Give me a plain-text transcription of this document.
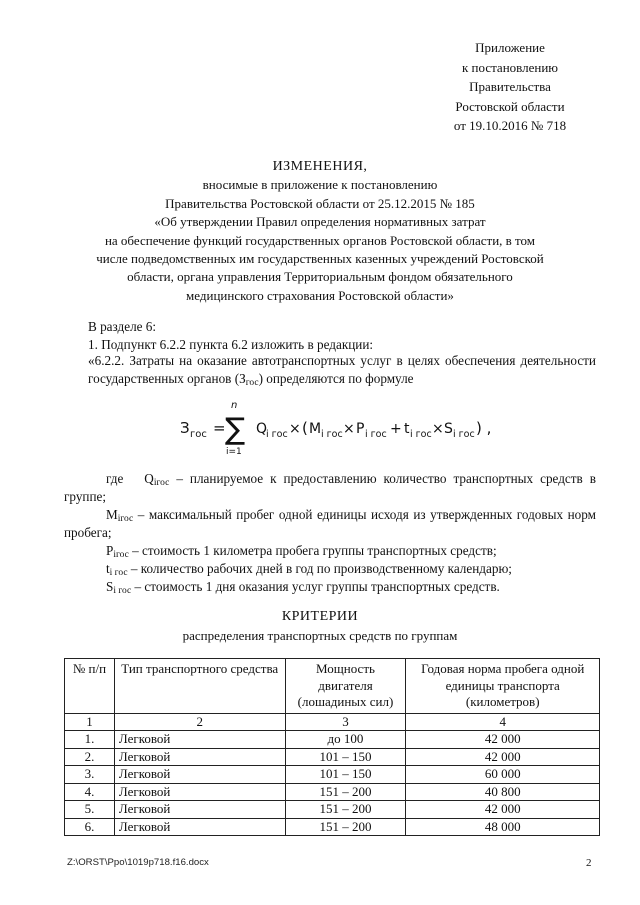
Приложение
к постановлению
Правительства
Ростовской области
от 19.10.2016 № 718
ИЗМЕНЕНИЯ,
вносимые в приложение к постановлению
Правительства Ростовской области от 25.12.2015 № 185
«Об утверждении Правил определения нормативных затрат
на обеспечение функций государственных органов Ростовской области, в том
числе подведомственных им государственных казенных учреждений Ростовской
области, органа управления Территориальным фондом обязательного
медицинского страхования Ростовской области»
В разделе 6:
1. Подпункт 6.2.2 пункта 6.2 изложить в редакции:
«6.2.2. Затраты на оказание автотранспортных услуг в целях обеспечения деятельности государственных органов $(З_{гос})$ определяются по формуле
З гос =
n
∑
i=1
Q
i гос × ( M i гос × P i гос + t i гос × S i гос ) ,
где $Q_{iгос}$ – планируемое к предоставлению количество транспортных средств в группе;
$M_{iгос}$ – максимальный пробег одной единицы исходя из утвержденных годовых норм пробега;
$P_{iгос}$ – стоимость 1 километра пробега группы транспортных средств;
$t_{i гос}$ – количество рабочих дней в год по производственному календарю;
$S_{i гос}$ – стоимость 1 дня оказания услуг группы транспортных средств.
КРИТЕРИИ
распределения транспортных средств по группам
№ п/п	Тип транспортного средства	Мощность двигателя (лошадиных сил)	Годовая норма пробега одной единицы транспорта (километров)
1	2	3	4
1.	Легковой	до 100	42 000
2.	Легковой	101 – 150	42 000
3.	Легковой	101 – 150	60 000
4.	Легковой	151 – 200	40 800
5.	Легковой	151 – 200	42 000
6.	Легковой	151 – 200	48 000
Z:\ORST\Ppo\1019p718.f16.docx	2
